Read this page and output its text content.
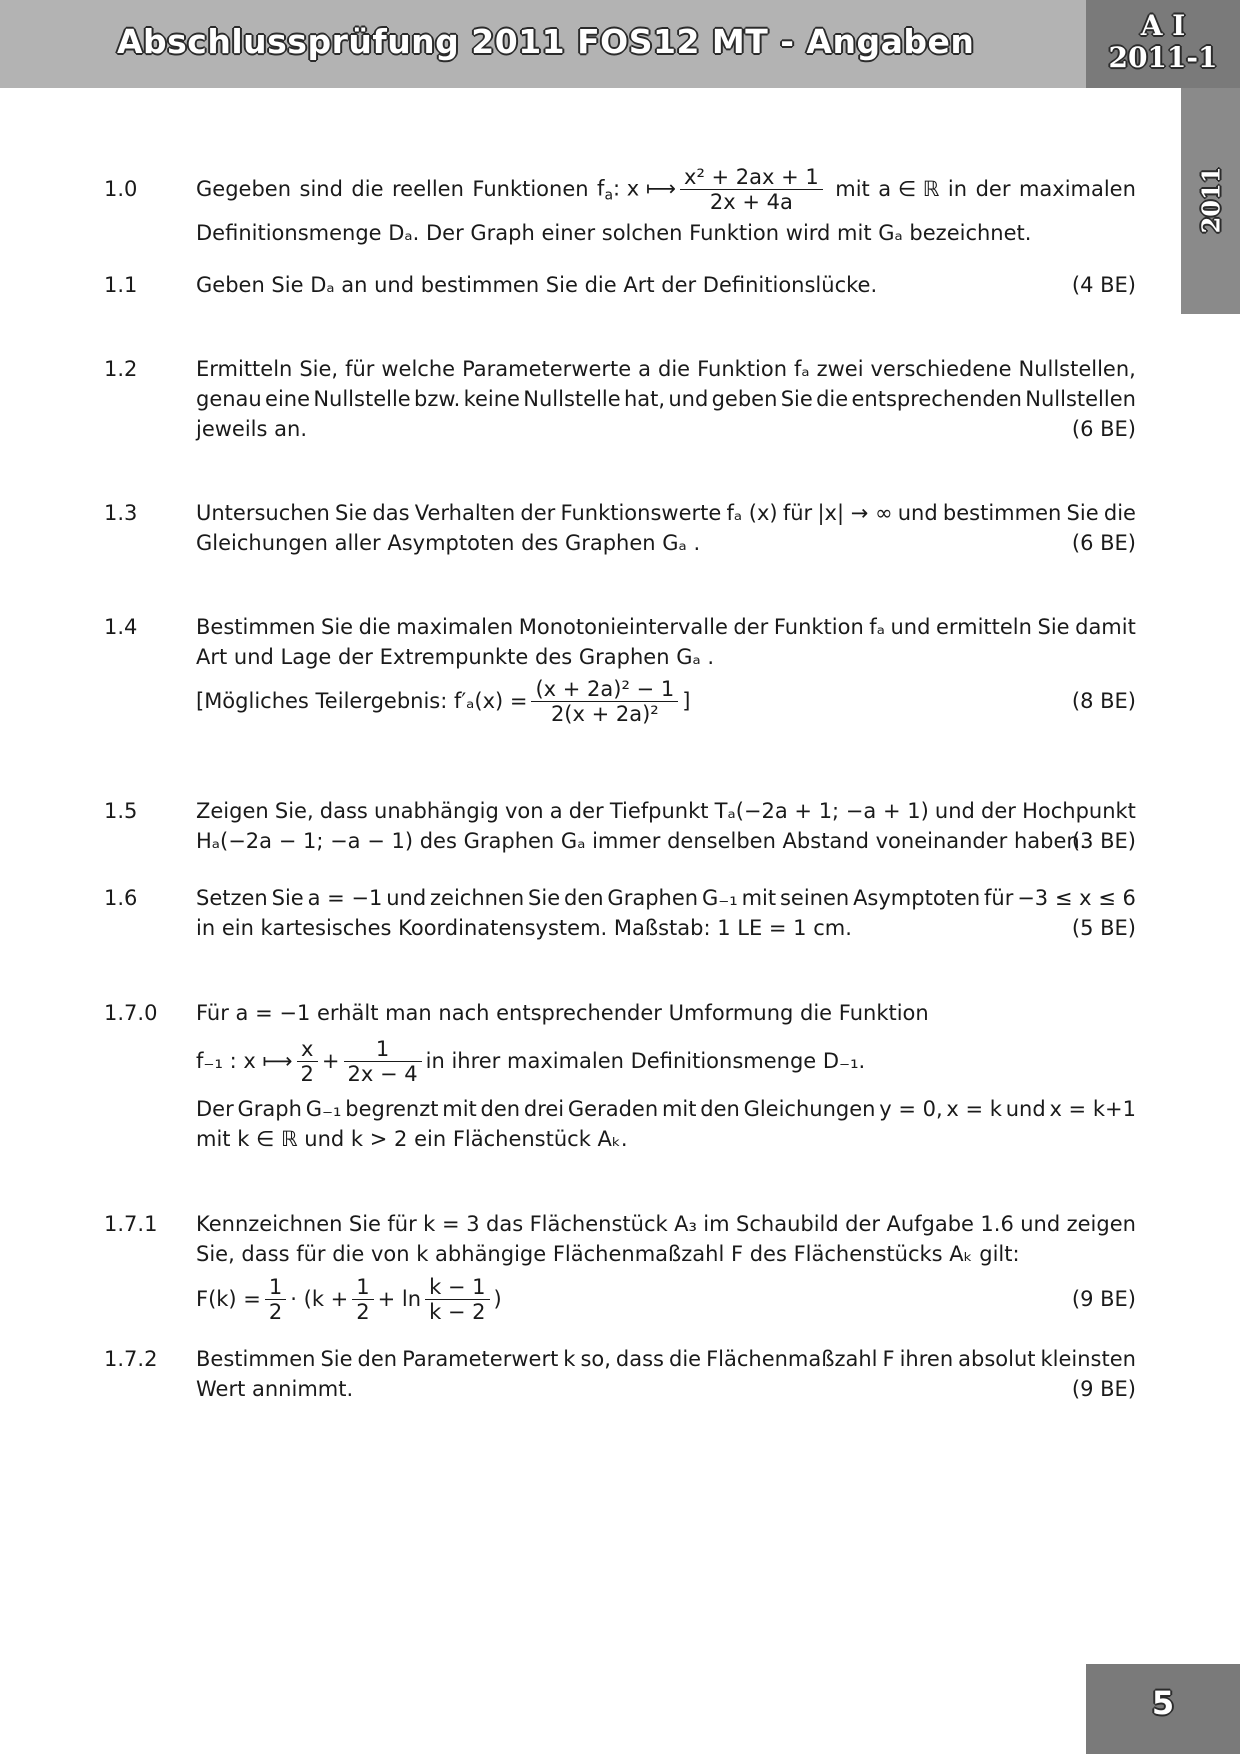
Abschlussprüfung 2011 FOS12 MT - Angaben	A I
2011-1
2011
1.0	Gegeben sind die reellen Funktionen $f_a$: x ⟼ $\frac{\text{x² + 2ax + 1}}{2x + 4a}$ mit a ∈ ℝ in der maximalen
Definitionsmenge Dₐ. Der Graph einer solchen Funktion wird mit Gₐ bezeichnet.
1.1	Geben Sie Dₐ an und bestimmen Sie die Art der Definitionslücke.	(4 BE)
1.2	Ermitteln Sie, für welche Parameterwerte a die Funktion fₐ zwei verschiedene Nullstellen,
genau eine Nullstelle bzw. keine Nullstelle hat, und geben Sie die entsprechenden Nullstellen
jeweils an.	(6 BE)
1.3	Untersuchen Sie das Verhalten der Funktionswerte fₐ (x) für |x| → ∞ und bestimmen Sie die
Gleichungen aller Asymptoten des Graphen Gₐ .	(6 BE)
1.4	Bestimmen Sie die maximalen Monotonieintervalle der Funktion fₐ und ermitteln Sie damit
Art und Lage der Extrempunkte des Graphen Gₐ .
[Mögliches Teilergebnis: $f'_a(x) = \frac{\text{(x + 2a)² − 1}}{\text{2(x + 2a)²}}$ ]	(8 BE)
1.5	Zeigen Sie, dass unabhängig von a der Tiefpunkt Tₐ(−2a + 1; −a + 1) und der Hochpunkt
Hₐ(−2a − 1; −a − 1) des Graphen Gₐ immer denselben Abstand voneinander haben.
(3 BE)
1.6	Setzen Sie a = −1 und zeichnen Sie den Graphen G₋₁ mit seinen Asymptoten für −3 ≤ x ≤ 6
in ein kartesisches Koordinatensystem. Maßstab: 1 LE = 1 cm.	(5 BE)
1.7.0 Für a = −1 erhält man nach entsprechender Umformung die Funktion
f₋₁ : x ⟼ $\frac{x}{2} + \frac{1}{2x - 4}$ in ihrer maximalen Definitionsmenge D₋₁.
Der Graph G₋₁ begrenzt mit den drei Geraden mit den Gleichungen y = 0, x = k und x = k+1
mit k ∈ ℝ und k > 2 ein Flächenstück Aₖ.
1.7.1 Kennzeichnen Sie für k = 3 das Flächenstück A₃ im Schaubild der Aufgabe 1.6 und zeigen
Sie, dass für die von k abhängige Flächenmaßzahl F des Flächenstücks Aₖ gilt:
$F(k) = \frac{1}{2} \cdot (k + \frac{1}{2} + \ln \frac{k - 1}{k - 2}$ )	(9 BE)
1.7.2 Bestimmen Sie den Parameterwert k so, dass die Flächenmaßzahl F ihren absolut kleinsten
Wert annimmt.	(9 BE)
5
